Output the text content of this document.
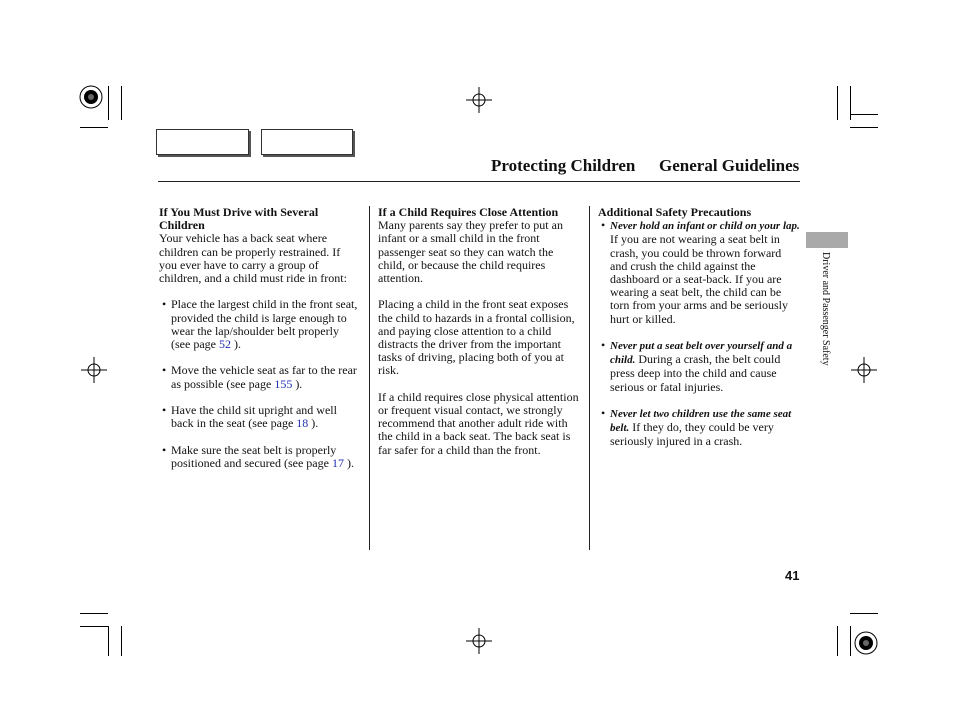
Protecting Children General Guidelines
If You Must Drive with Several Children

Your vehicle has a back seat where children can be properly restrained. If you ever have to carry a group of children, and a child must ride in front:

• Place the largest child in the front seat, provided the child is large enough to wear the lap/shoulder belt properly (see page 52 ).
• Move the vehicle seat as far to the rear as possible (see page 155 ).
• Have the child sit upright and well back in the seat (see page 18 ).
• Make sure the seat belt is properly positioned and secured (see page 17 ).
If a Child Requires Close Attention

Many parents say they prefer to put an infant or a small child in the front passenger seat so they can watch the child, or because the child requires attention.

Placing a child in the front seat exposes the child to hazards in a frontal collision, and paying close attention to a child distracts the driver from the important tasks of driving, placing both of you at risk.

If a child requires close physical attention or frequent visual contact, we strongly recommend that another adult ride with the child in a back seat. The back seat is far safer for a child than the front.

Additional Safety Precautions
• Never hold an infant or child on your lap. If you are not wearing a seat belt in crash, you could be thrown forward and crush the child against the dashboard or a seat-back. If you are wearing a seat belt, the child can be torn from your arms and be seriously hurt or killed.
• Never put a seat belt over yourself and a child. During a crash, the belt could press deep into the child and cause serious or fatal injuries.
• Never let two children use the same seat belt. If they do, they could be very seriously injured in a crash.
Driver and Passenger Safety
41
